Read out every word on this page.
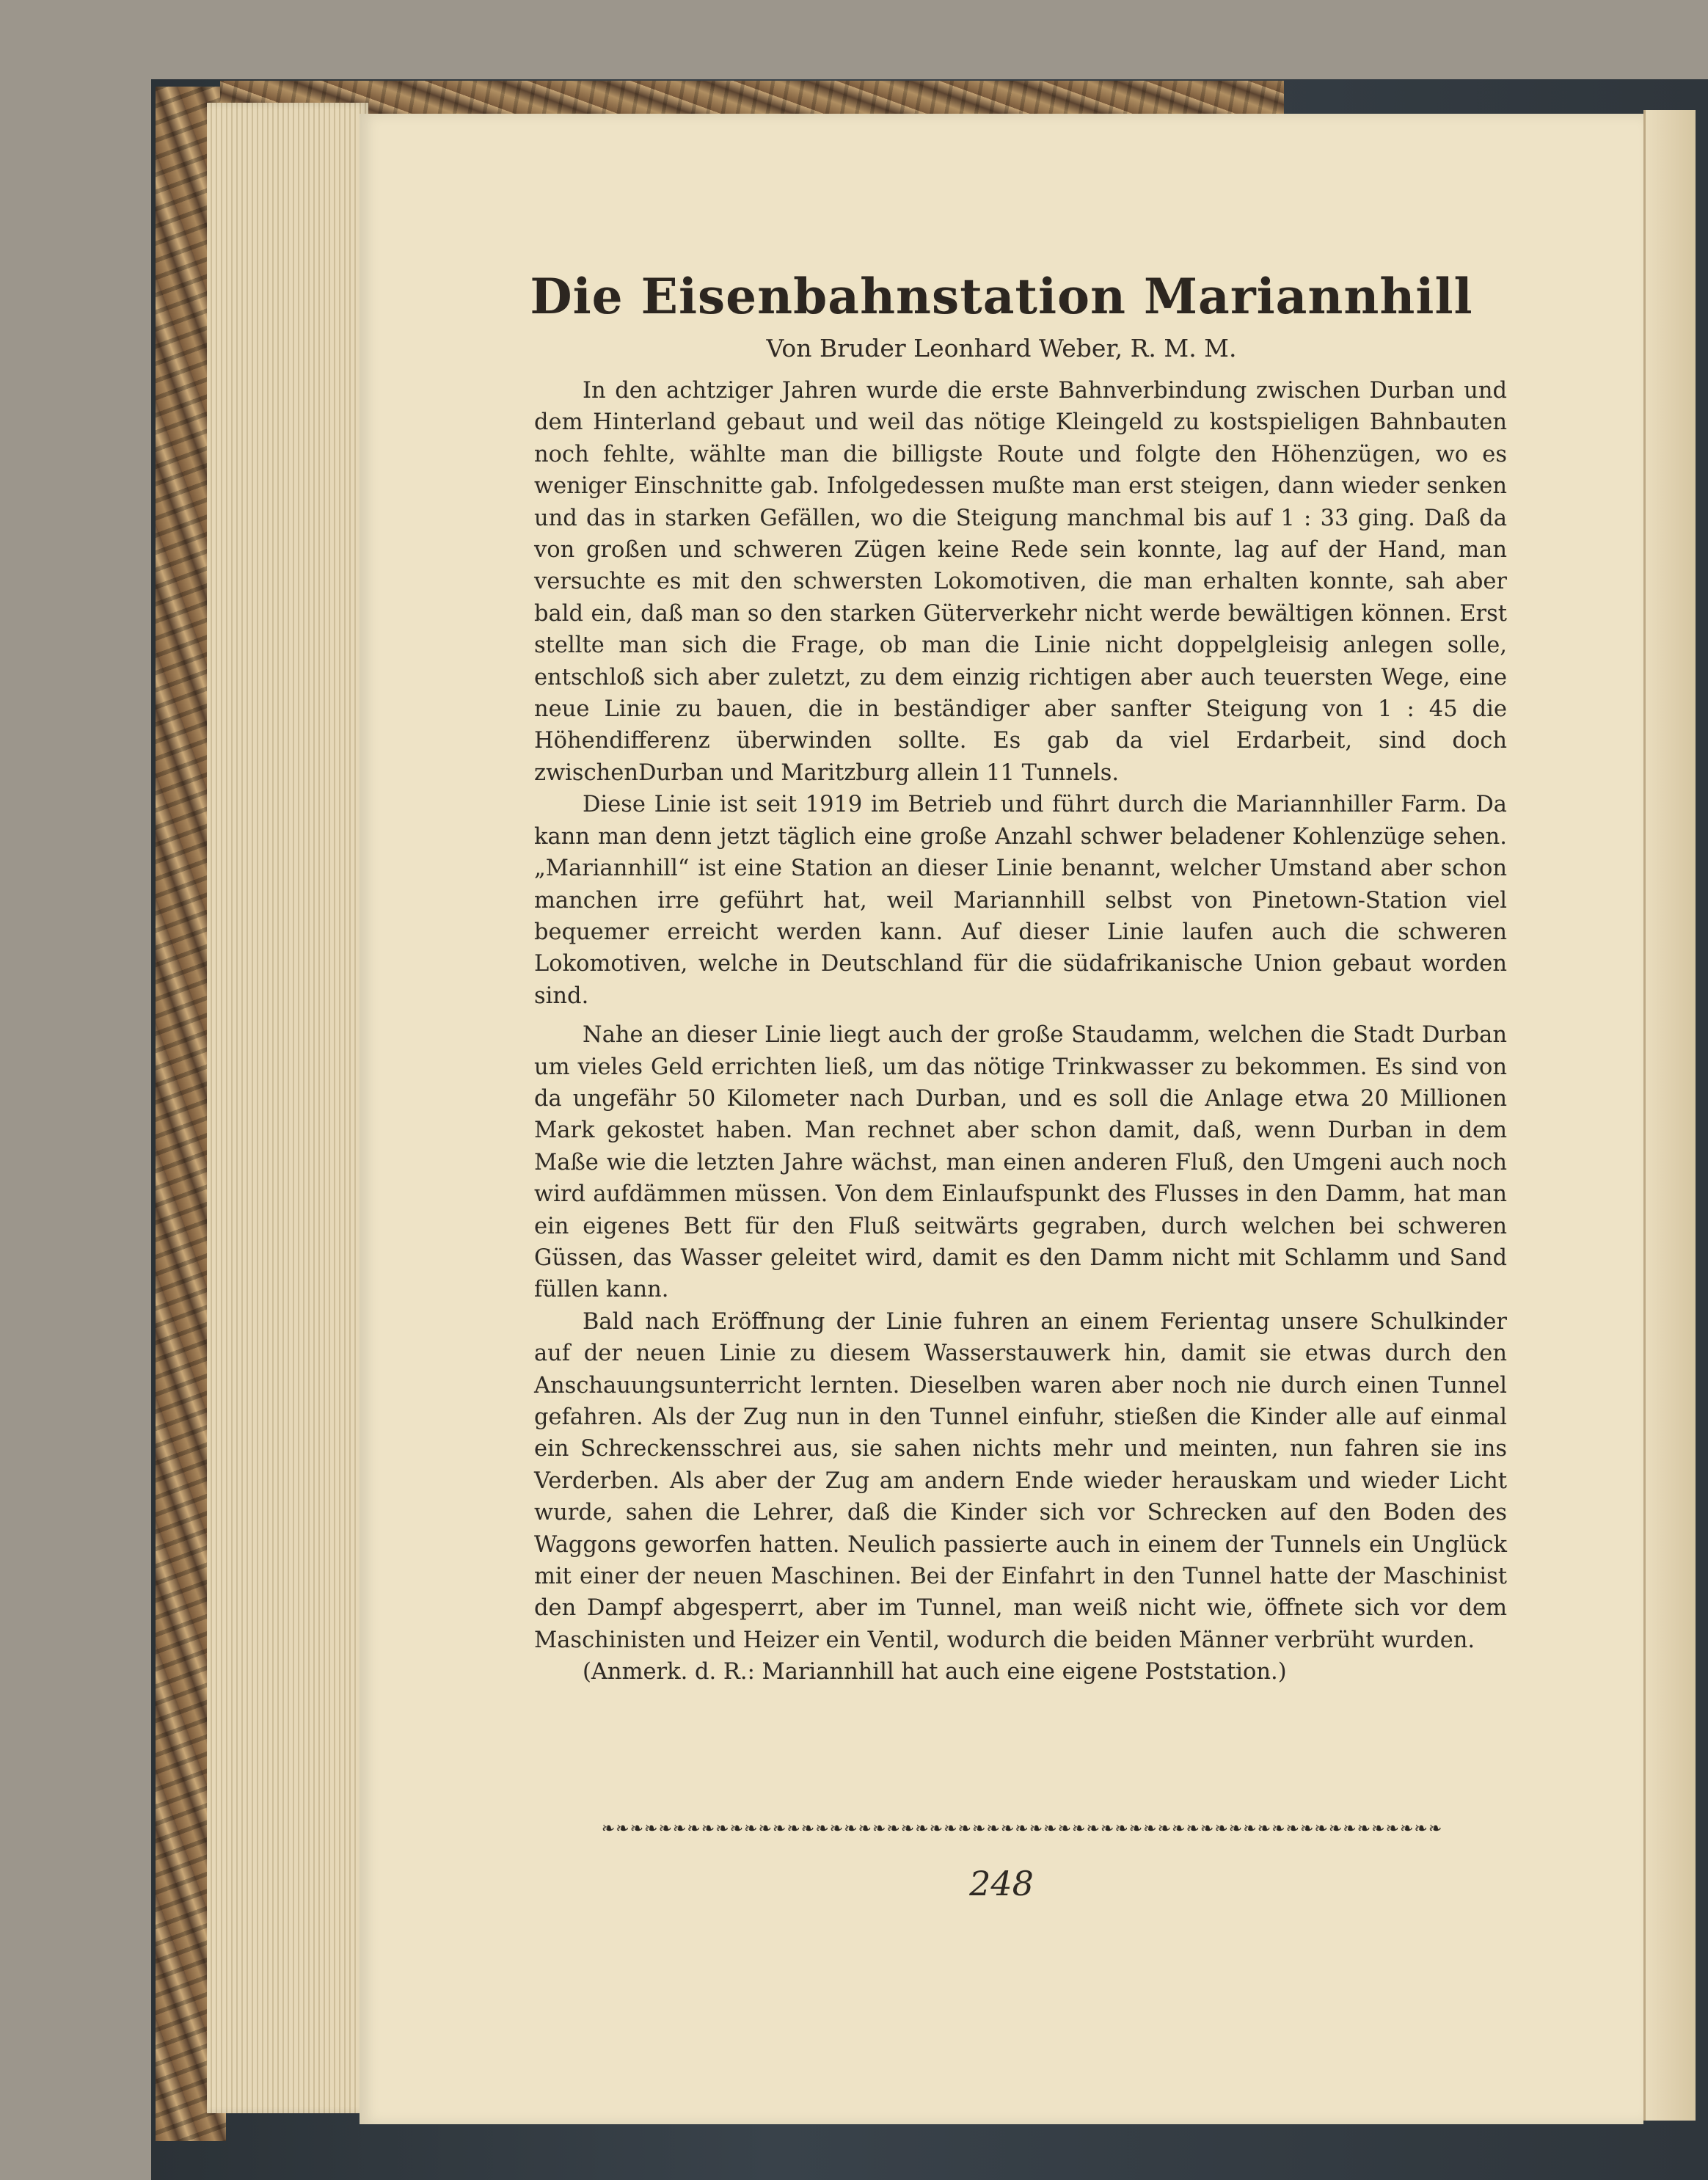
Die Eisenbahnstation Mariannhill
Von Bruder Leonhard Weber, R. M. M.

In den achtziger Jahren wurde die erste Bahnverbindung zwischen Durban und dem Hinterland gebaut und weil das nötige Kleingeld zu kostspieligen Bahnbauten noch fehlte, wählte man die billigste Route und folgte den Höhenzügen, wo es weniger Einschnitte gab. Infolgedessen mußte man erst steigen, dann wieder senken und das in starken Gefällen, wo die Steigung manchmal bis auf 1 : 33 ging. Daß da von großen und schweren Zügen keine Rede sein konnte, lag auf der Hand, man versuchte es mit den schwersten Lokomotiven, die man erhalten konnte, sah aber bald ein, daß man so den starken Güterverkehr nicht werde bewältigen können. Erst stellte man sich die Frage, ob man die Linie nicht doppelgleisig anlegen solle, entschloß sich aber zuletzt, zu dem einzig richtigen aber auch teuersten Wege, eine neue Linie zu bauen, die in beständiger aber sanfter Steigung von 1 : 45 die Höhendifferenz überwinden sollte. Es gab da viel Erdarbeit, sind doch zwischenDurban und Maritzburg allein 11 Tunnels.

Diese Linie ist seit 1919 im Betrieb und führt durch die Mariannhiller Farm. Da kann man denn jetzt täglich eine große Anzahl schwer beladener Kohlenzüge sehen. „Mariannhill“ ist eine Station an dieser Linie benannt, welcher Umstand aber schon manchen irre geführt hat, weil Mariannhill selbst von Pinetown-Station viel bequemer erreicht werden kann. Auf dieser Linie laufen auch die schweren Lokomotiven, welche in Deutschland für die südafrikanische Union gebaut worden sind.

Nahe an dieser Linie liegt auch der große Staudamm, welchen die Stadt Durban um vieles Geld errichten ließ, um das nötige Trinkwasser zu bekommen. Es sind von da ungefähr 50 Kilometer nach Durban, und es soll die Anlage etwa 20 Millionen Mark gekostet haben. Man rechnet aber schon damit, daß, wenn Durban in dem Maße wie die letzten Jahre wächst, man einen anderen Fluß, den Umgeni auch noch wird aufdämmen müssen. Von dem Einlaufspunkt des Flusses in den Damm, hat man ein eigenes Bett für den Fluß seitwärts gegraben, durch welchen bei schweren Güssen, das Wasser geleitet wird, damit es den Damm nicht mit Schlamm und Sand füllen kann.

Bald nach Eröffnung der Linie fuhren an einem Ferientag unsere Schulkinder auf der neuen Linie zu diesem Wasserstauwerk hin, damit sie etwas durch den Anschauungsunterricht lernten. Dieselben waren aber noch nie durch einen Tunnel gefahren. Als der Zug nun in den Tunnel einfuhr, stießen die Kinder alle auf einmal ein Schreckensschrei aus, sie sahen nichts mehr und meinten, nun fahren sie ins Verderben. Als aber der Zug am andern Ende wieder herauskam und wieder Licht wurde, sahen die Lehrer, daß die Kinder sich vor Schrecken auf den Boden des Waggons geworfen hatten. Neulich passierte auch in einem der Tunnels ein Unglück mit einer der neuen Maschinen. Bei der Einfahrt in den Tunnel hatte der Maschinist den Dampf abgesperrt, aber im Tunnel, man weiß nicht wie, öffnete sich vor dem Maschinisten und Heizer ein Ventil, wodurch die beiden Männer verbrüht wurden.

(Anmerk. d. R.: Mariannhill hat auch eine eigene Poststation.)

❧❧❧❧❧❧❧❧❧❧❧❧❧❧❧❧❧❧❧❧❧❧❧❧❧❧❧❧❧❧❧❧❧❧❧❧❧❧❧❧❧❧❧❧❧❧❧❧❧❧❧❧❧❧❧❧❧❧❧
248
